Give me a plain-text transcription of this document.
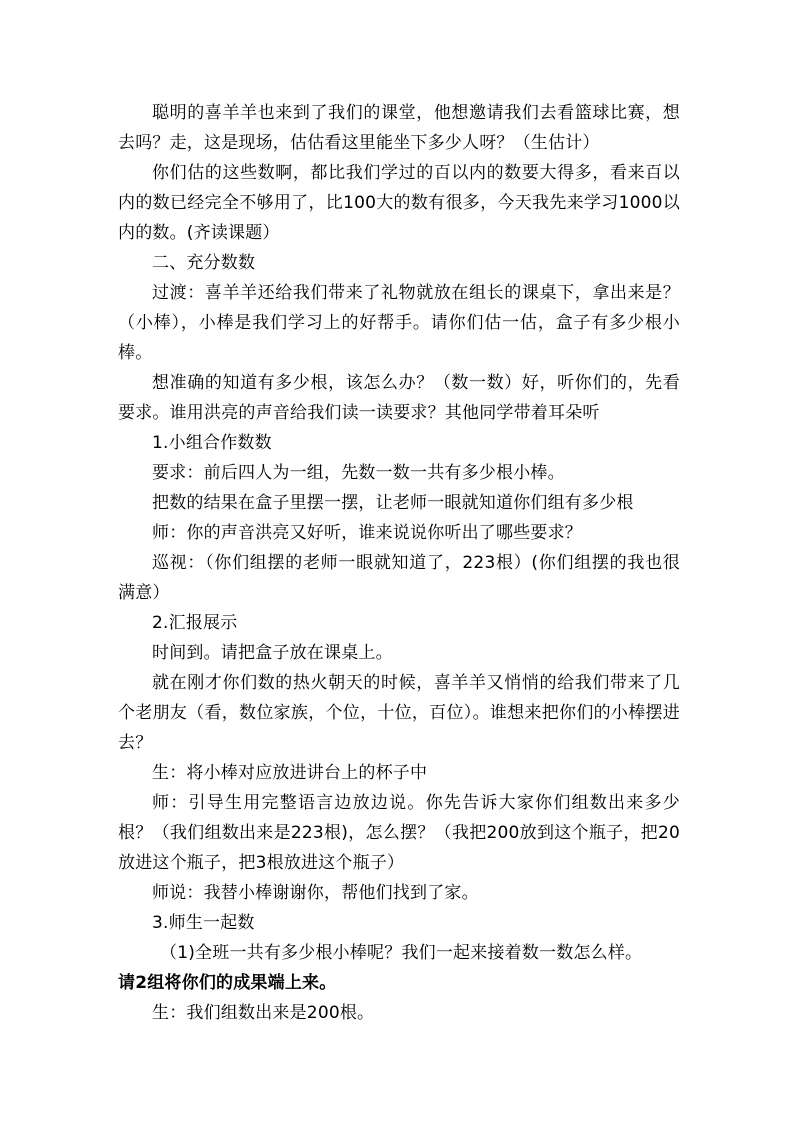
聪明的喜羊羊也来到了我们的课堂，他想邀请我们去看篮球比赛，想去吗？走，这是现场，估估看这里能坐下多少人呀？（生估计）

你们估的这些数啊，都比我们学过的百以内的数要大得多，看来百以内的数已经完全不够用了，比100大的数有很多，今天我先来学习1000以内的数。(齐读课题）

二、充分数数

过渡：喜羊羊还给我们带来了礼物就放在组长的课桌下，拿出来是？（小棒），小棒是我们学习上的好帮手。请你们估一估，盒子有多少根小棒。

想准确的知道有多少根，该怎么办？（数一数）好，听你们的，先看要求。谁用洪亮的声音给我们读一读要求？其他同学带着耳朵听

1.小组合作数数

要求：前后四人为一组，先数一数一共有多少根小棒。

把数的结果在盒子里摆一摆，让老师一眼就知道你们组有多少根

师：你的声音洪亮又好听，谁来说说你听出了哪些要求？

巡视：（你们组摆的老师一眼就知道了，223根）(你们组摆的我也很满意）

2.汇报展示

时间到。请把盒子放在课桌上。

就在刚才你们数的热火朝天的时候，喜羊羊又悄悄的给我们带来了几个老朋友（看，数位家族，个位，十位，百位）。谁想来把你们的小棒摆进去？

生：将小棒对应放进讲台上的杯子中

师：引导生用完整语言边放边说。你先告诉大家你们组数出来多少根？（我们组数出来是223根)，怎么摆？（我把200放到这个瓶子，把20放进这个瓶子，把3根放进这个瓶子）

师说：我替小棒谢谢你，帮他们找到了家。

3.师生一起数

（1)全班一共有多少根小棒呢？我们一起来接着数一数怎么样。

请2组将你们的成果端上来。

生：我们组数出来是200根。
